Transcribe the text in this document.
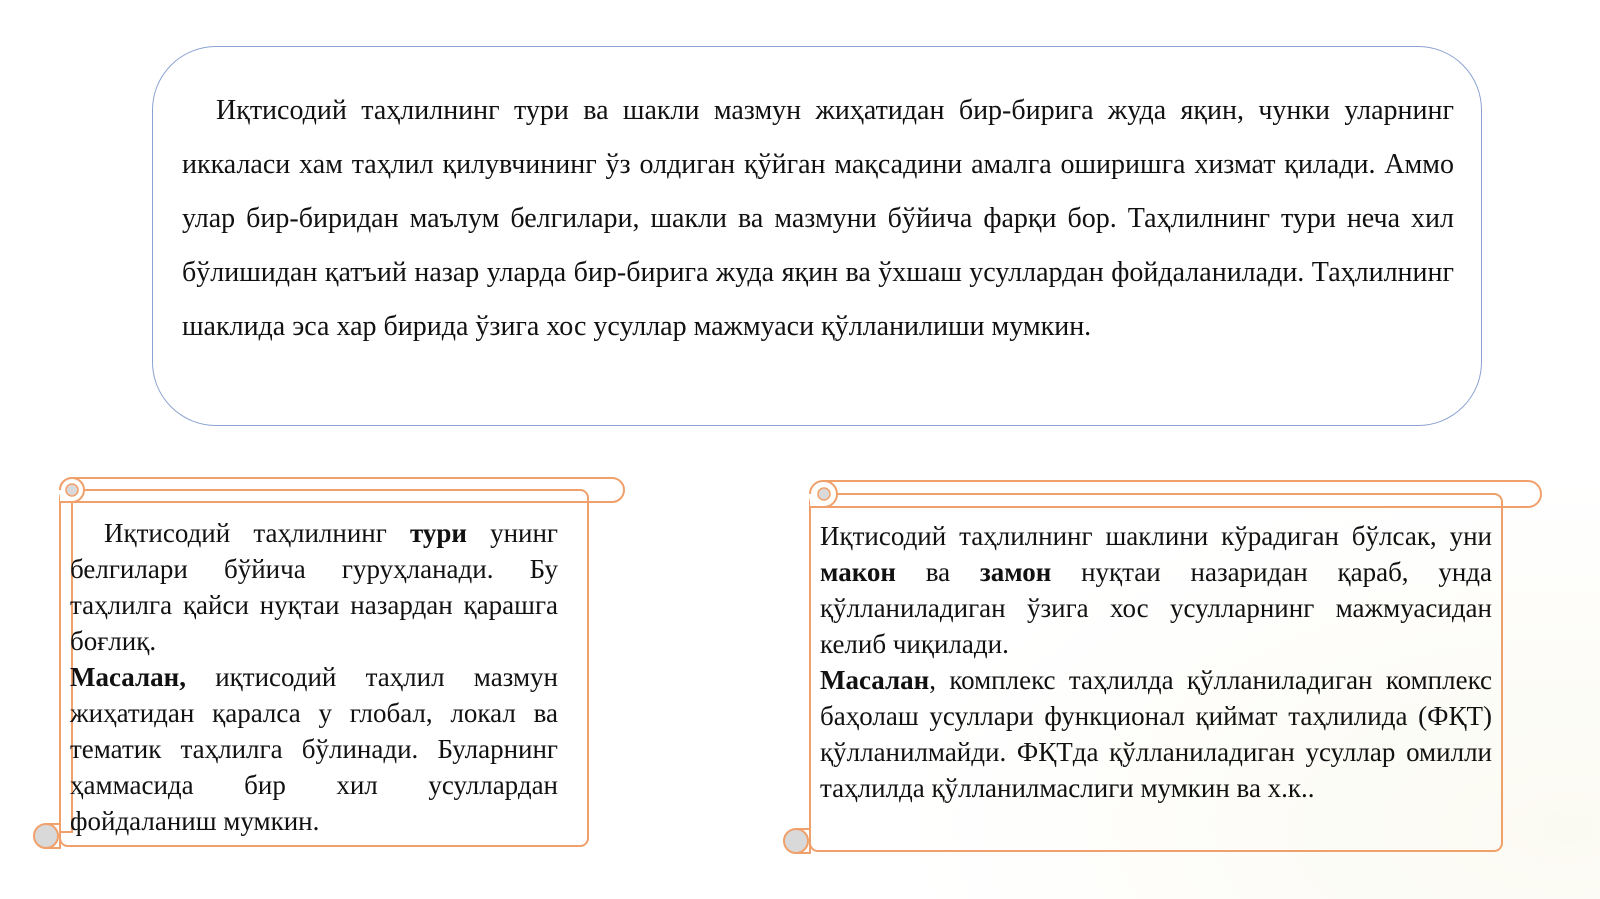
Иқтисодий таҳлилнинг тури ва шакли мазмун жиҳатидан бир-бирига жуда яқин, чунки уларнинг иккаласи хам таҳлил қилувчининг ўз олдиган қўйган мақсадини амалга оширишга хизмат қилади. Аммо улар бир-биридан маълум белгилари, шакли ва мазмуни бўйича фарқи бор. Таҳлилнинг тури неча хил бўлишидан қатъий назар уларда бир-бирига жуда яқин ва ўхшаш усуллардан фойдаланилади. Таҳлилнинг шаклида эса хар бирида ўзига хос усуллар мажмуаси қўлланилиши мумкин.

Иқтисодий таҳлилнинг тури унинг белгилари бўйича гуруҳланади. Бу таҳлилга қайси нуқтаи назардан қарашга боғлиқ.
Масалан, иқтисодий таҳлил мазмун жиҳатидан қаралса у глобал, локал ва тематик таҳлилга бўлинади. Буларнинг ҳаммасида бир хил усуллардан фойдаланиш мумкин.

Иқтисодий таҳлилнинг шаклини кўрадиган бўлсак, уни макон ва замон нуқтаи назаридан қараб, унда қўлланиладиган ўзига хос усулларнинг мажмуасидан келиб чиқилади.
Масалан, комплекс таҳлилда қўлланиладиган комплекс баҳолаш усуллари функционал қиймат таҳлилида (ФҚТ) қўлланилмайди. ФҚТда қўлланиладиган усуллар омилли таҳлилда қўлланилмаслиги мумкин ва х.к..
